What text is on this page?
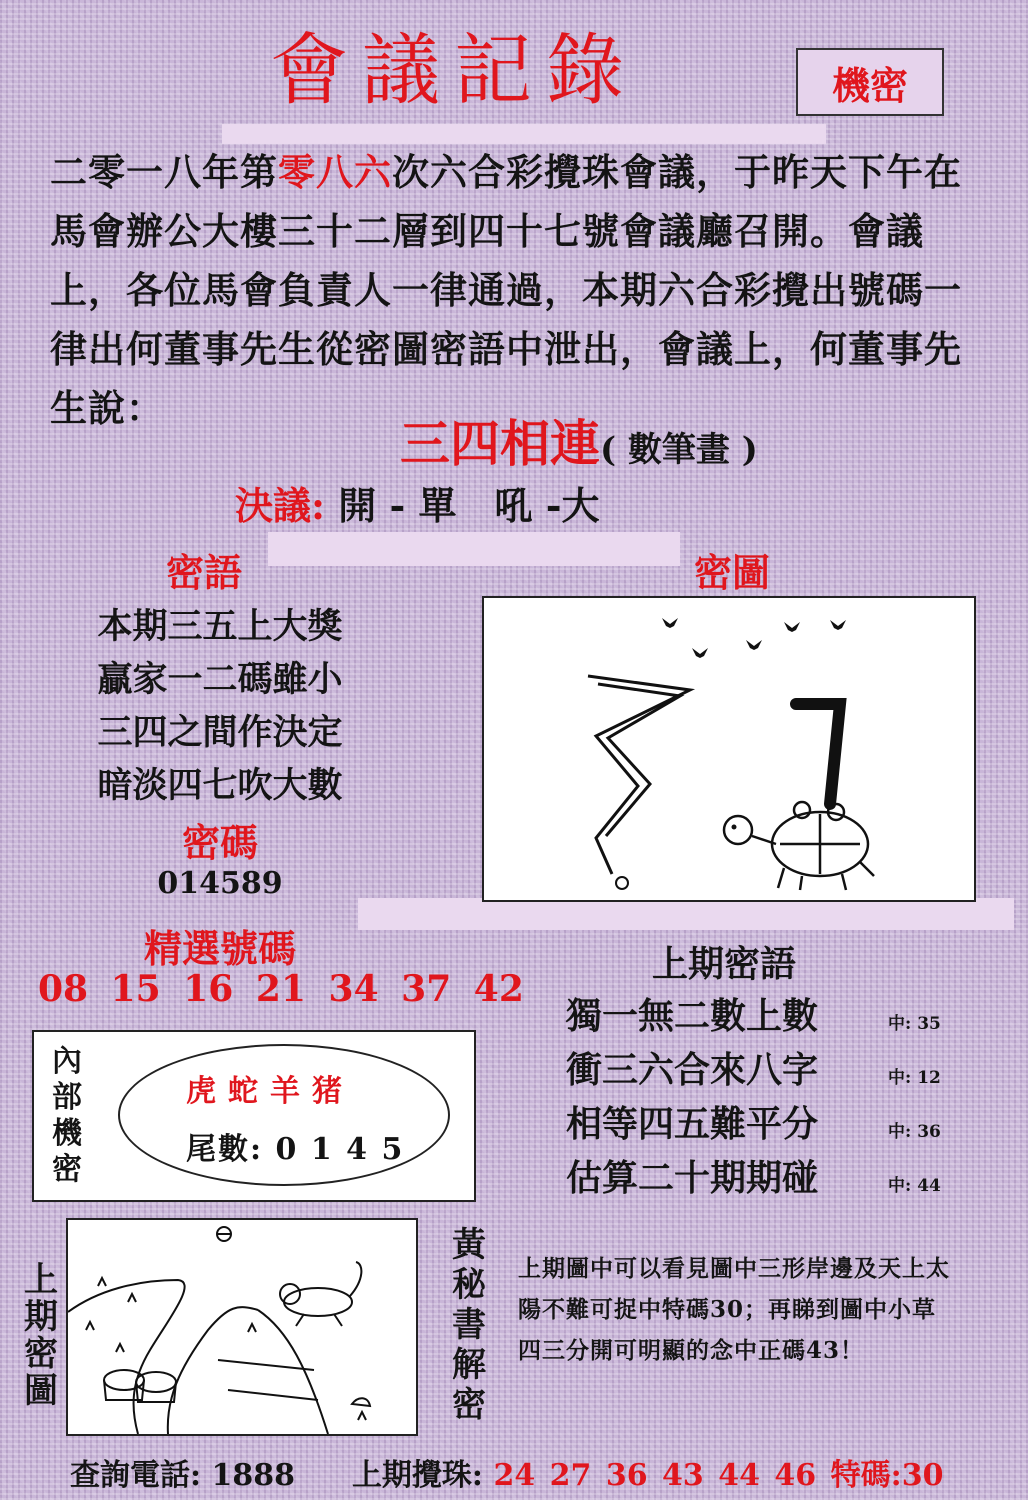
會議記錄	機密
二零一八年第零八六次六合彩攪珠會議，于昨天下午在馬會辦公大樓三十二層到四十七號會議廳召開。會議上，各位馬會負責人一律通過，本期六合彩攪出號碼一律出何董事先生從密圖密語中泄出，會議上，何董事先生說：
三四相連( 數筆畫 )
決議: 開 - 單　吼 -大
密語	密圖
本期三五上大獎
贏家一二碼雖小
三四之間作決定
暗淡四七吹大數
密碼
014589
精選號碼
08 15 16 21 34 37 42
上期密語
獨一無二數上數	中: 35
衝三六合來八字	中: 12
相等四五難平分	中: 36
估算二十期期碰	中: 44
內部機密
虎蛇羊猪
尾數: 0 1 4 5
上期密圖
黃秘書解密
上期圖中可以看見圖中三形岸邊及天上太陽不難可捉中特碼30；再睇到圖中小草四三分開可明顯的念中正碼43！
查詢電話: 1888 上期攪珠: 24 27 36 43 44 46 特碼:30
